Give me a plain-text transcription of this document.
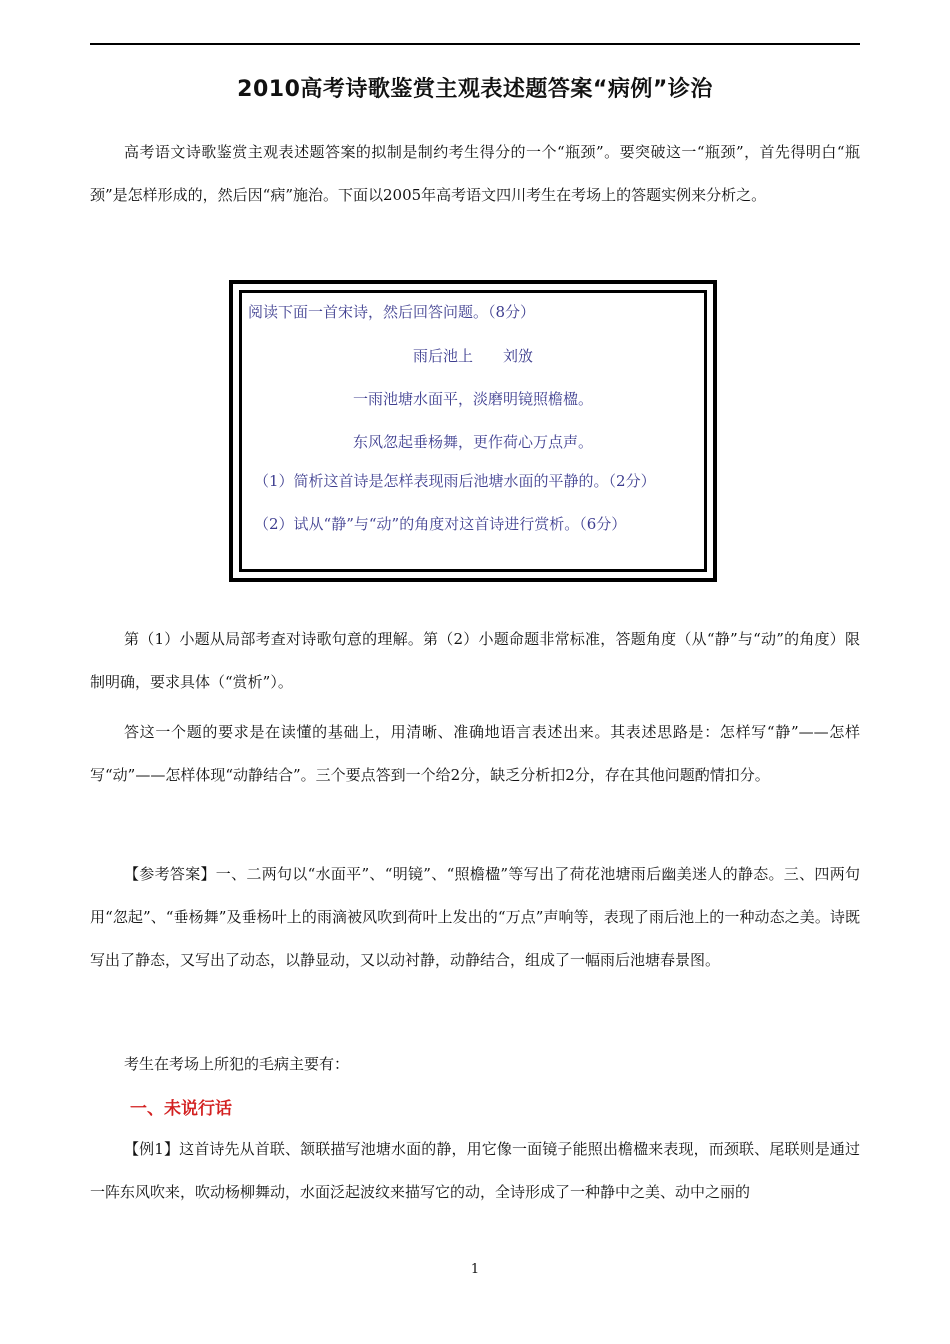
2010高考诗歌鉴赏主观表述题答案“病例”诊治

高考语文诗歌鉴赏主观表述题答案的拟制是制约考生得分的一个“瓶颈”。要突破这一“瓶颈”，首先得明白“瓶颈”是怎样形成的，然后因“病”施治。下面以2005年高考语文四川考生在考场上的答题实例来分析之。

阅读下面一首宋诗，然后回答问题。（8分）

雨后池上　　刘攽

一雨池塘水面平，淡磨明镜照檐楹。

东风忽起垂杨舞，更作荷心万点声。

（1）简析这首诗是怎样表现雨后池塘水面的平静的。（2分）

（2）试从“静”与“动”的角度对这首诗进行赏析。（6分）

第（1）小题从局部考查对诗歌句意的理解。第（2）小题命题非常标准，答题角度（从“静”与“动”的角度）限制明确，要求具体（“赏析”）。

答这一个题的要求是在读懂的基础上，用清晰、准确地语言表述出来。其表述思路是：怎样写“静”——怎样写“动”——怎样体现“动静结合”。三个要点答到一个给2分，缺乏分析扣2分，存在其他问题酌情扣分。

【参考答案】一、二两句以“水面平”、“明镜”、“照檐楹”等写出了荷花池塘雨后幽美迷人的静态。三、四两句用“忽起”、“垂杨舞”及垂杨叶上的雨滴被风吹到荷叶上发出的“万点”声响等，表现了雨后池上的一种动态之美。诗既写出了静态，又写出了动态，以静显动，又以动衬静，动静结合，组成了一幅雨后池塘春景图。

考生在考场上所犯的毛病主要有：

一、未说行话

【例1】这首诗先从首联、颔联描写池塘水面的静，用它像一面镜子能照出檐楹来表现，而颈联、尾联则是通过一阵东风吹来，吹动杨柳舞动，水面泛起波纹来描写它的动，全诗形成了一种静中之美、动中之丽的

1
